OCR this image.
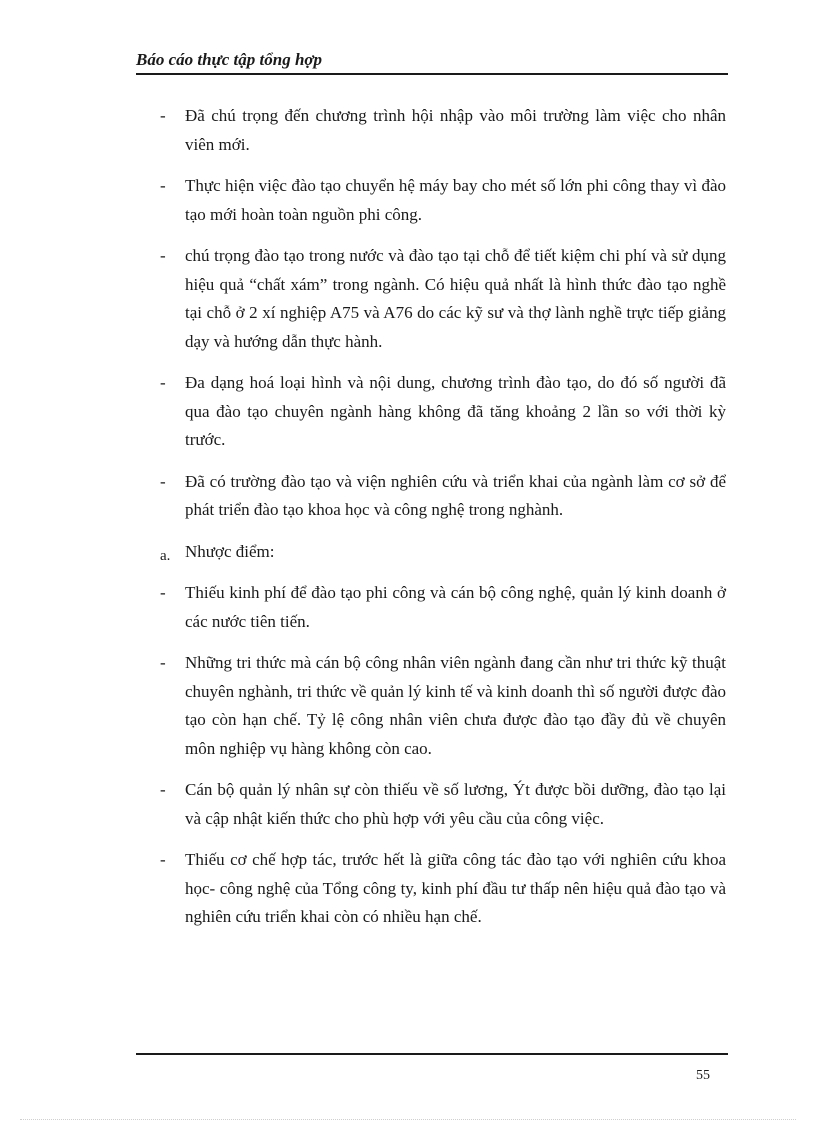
Báo cáo thực tập tổng hợp
-	Đã chú trọng đến chương trình hội nhập vào môi trường làm việc cho nhân viên mới.
-	Thực hiện việc đào tạo chuyển hệ máy bay cho mét số lớn phi công thay vì đào tạo mới hoàn toàn nguồn phi công.
-	chú trọng đào tạo trong nước và đào tạo tại chỗ để tiết kiệm chi phí và sử dụng hiệu quả “chất xám” trong ngành. Có hiệu quả nhất là hình thức đào tạo nghề tại chỗ ở 2 xí nghiệp A75 và A76 do các kỹ sư và thợ lành nghề trực tiếp giảng dạy và hướng dẫn thực hành.
-	Đa dạng hoá loại hình và nội dung, chương trình đào tạo, do đó số người đã qua đào tạo chuyên ngành hàng không đã tăng khoảng 2 lần so với thời kỳ trước.
-	Đã có trường đào tạo và viện nghiên cứu và triển khai của ngành làm cơ sở để phát triển đào tạo khoa học và công nghệ trong nghành.
a. Nhược điểm:
-	Thiếu kinh phí để đào tạo phi công và cán bộ công nghệ, quản lý kinh doanh ở các nước tiên tiến.
-	Những tri thức mà cán bộ công nhân viên ngành đang cần như tri thức kỹ thuật chuyên nghành, tri thức về quản lý kinh tế và kinh doanh thì số người được đào tạo còn hạn chế. Tỷ lệ công nhân viên chưa được đào tạo đầy đủ về chuyên môn nghiệp vụ hàng không còn cao.
-	Cán bộ quản lý nhân sự còn thiếu về số lương, Ýt được bồi dưỡng, đào tạo lại và cập nhật kiến thức cho phù hợp với yêu cầu của công việc.
-	Thiếu cơ chế hợp tác, trước hết là giữa công tác đào tạo với nghiên cứu khoa học- công nghệ của Tổng công ty, kinh phí đầu tư thấp nên hiệu quả đào tạo và nghiên cứu triển khai còn có nhiều hạn chế.
55
